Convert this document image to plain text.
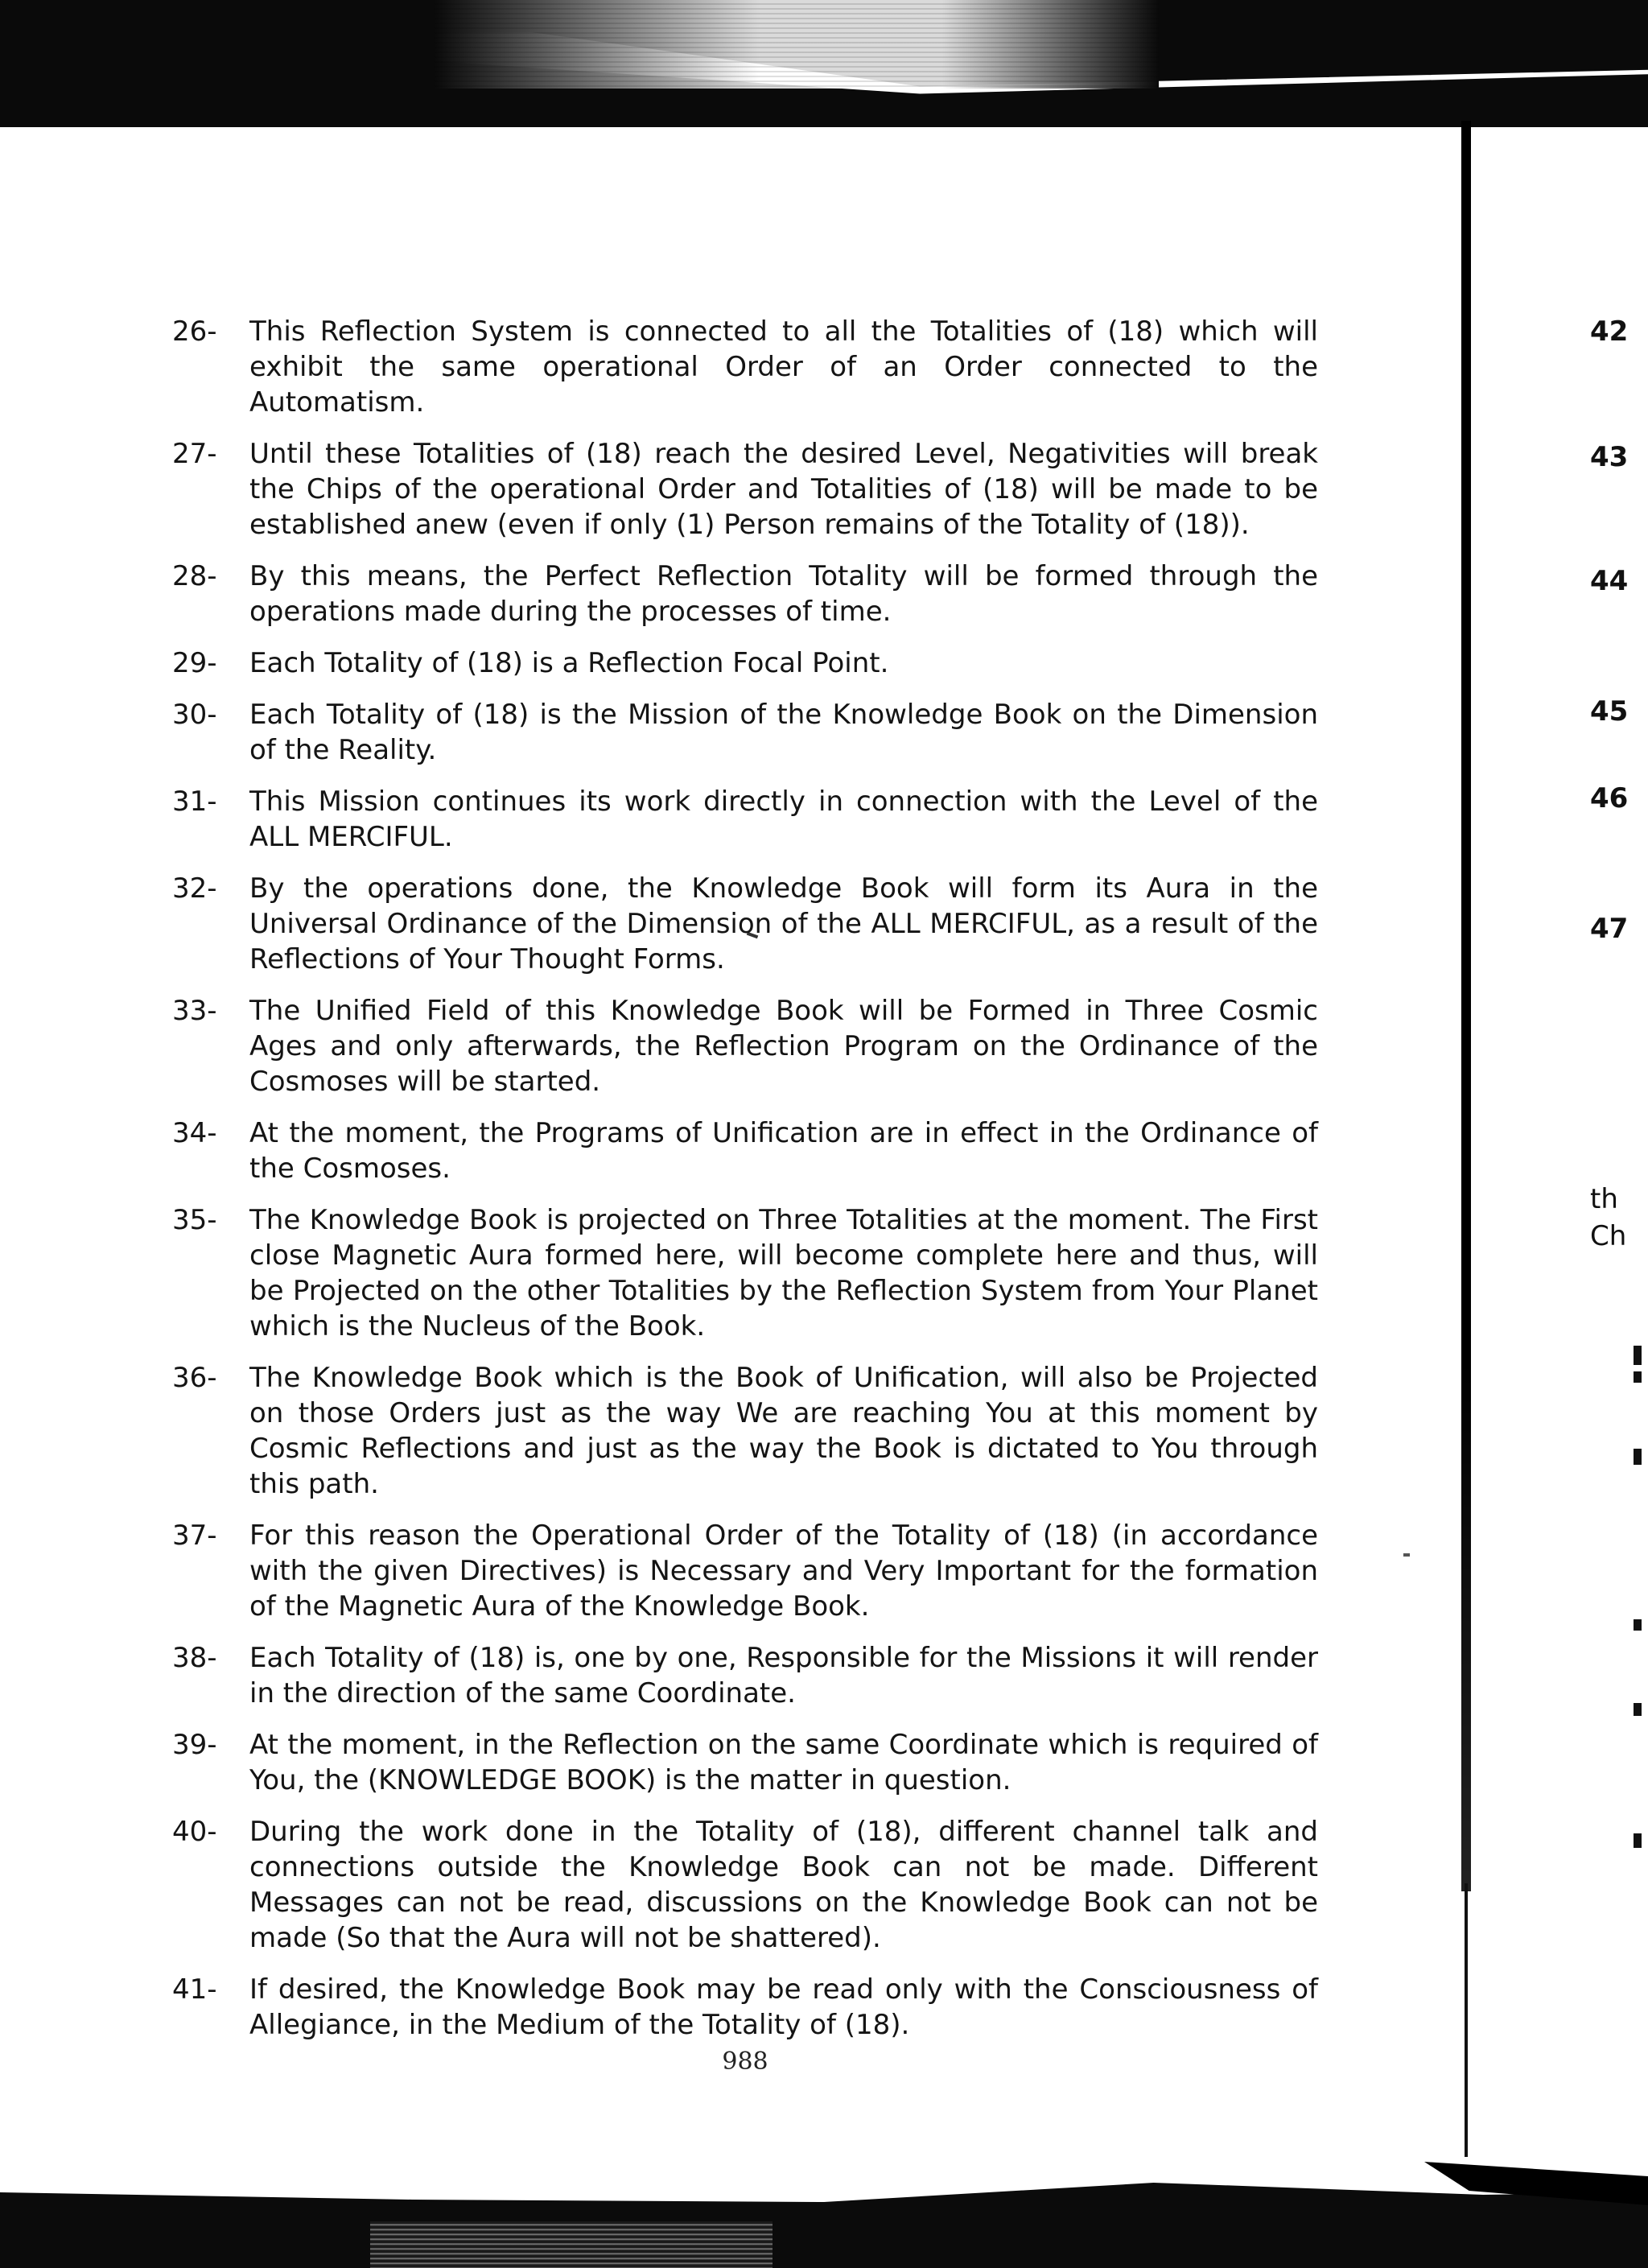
26-	This Reflection System is connected to all the Totalities of (18) which will exhibit the same operational Order of an Order connected to the Automatism.
27-	Until these Totalities of (18) reach the desired Level, Negativities will break the Chips of the operational Order and Totalities of (18) will be made to be established anew (even if only (1) Person remains of the Totality of (18)).
28-	By this means, the Perfect Reflection Totality will be formed through the operations made during the processes of time.
29-	Each Totality of (18) is a Reflection Focal Point.
30-	Each Totality of (18) is the Mission of the Knowledge Book on the Dimension of the Reality.
31-	This Mission continues its work directly in connection with the Level of the ALL MERCIFUL.
32-	By the operations done, the Knowledge Book will form its Aura in the Universal Ordinance of the Dimension of the ALL MERCIFUL, as a result of the Reflections of Your Thought Forms.
33-	The Unified Field of this Knowledge Book will be Formed in Three Cosmic Ages and only afterwards, the Reflection Program on the Ordinance of the Cosmoses will be started.
34-	At the moment, the Programs of Unification are in effect in the Ordinance of the Cosmoses.
35-	The Knowledge Book is projected on Three Totalities at the moment. The First close Magnetic Aura formed here, will become complete here and thus, will be Projected on the other Totalities by the Reflection System from Your Planet which is the Nucleus of the Book.
36-	The Knowledge Book which is the Book of Unification, will also be Projected on those Orders just as the way We are reaching You at this moment by Cosmic Reflections and just as the way the Book is dictated to You through this path.
37-	For this reason the Operational Order of the Totality of (18) (in accordance with the given Directives) is Necessary and Very Important for the formation of the Magnetic Aura of the Knowledge Book.
38-	Each Totality of (18) is, one by one, Responsible for the Missions it will render in the direction of the same Coordinate.
39-	At the moment, in the Reflection on the same Coordinate which is required of You, the (KNOWLEDGE BOOK) is the matter in question.
40-	During the work done in the Totality of (18), different channel talk and connections outside the Knowledge Book can not be made. Different Messages can not be read, discussions on the Knowledge Book can not be made (So that the Aura will not be shattered).
41-	If desired, the Knowledge Book may be read only with the Consciousness of Allegiance, in the Medium of the Totality of (18).
988
42
43
44
45
46
47
th
Ch
